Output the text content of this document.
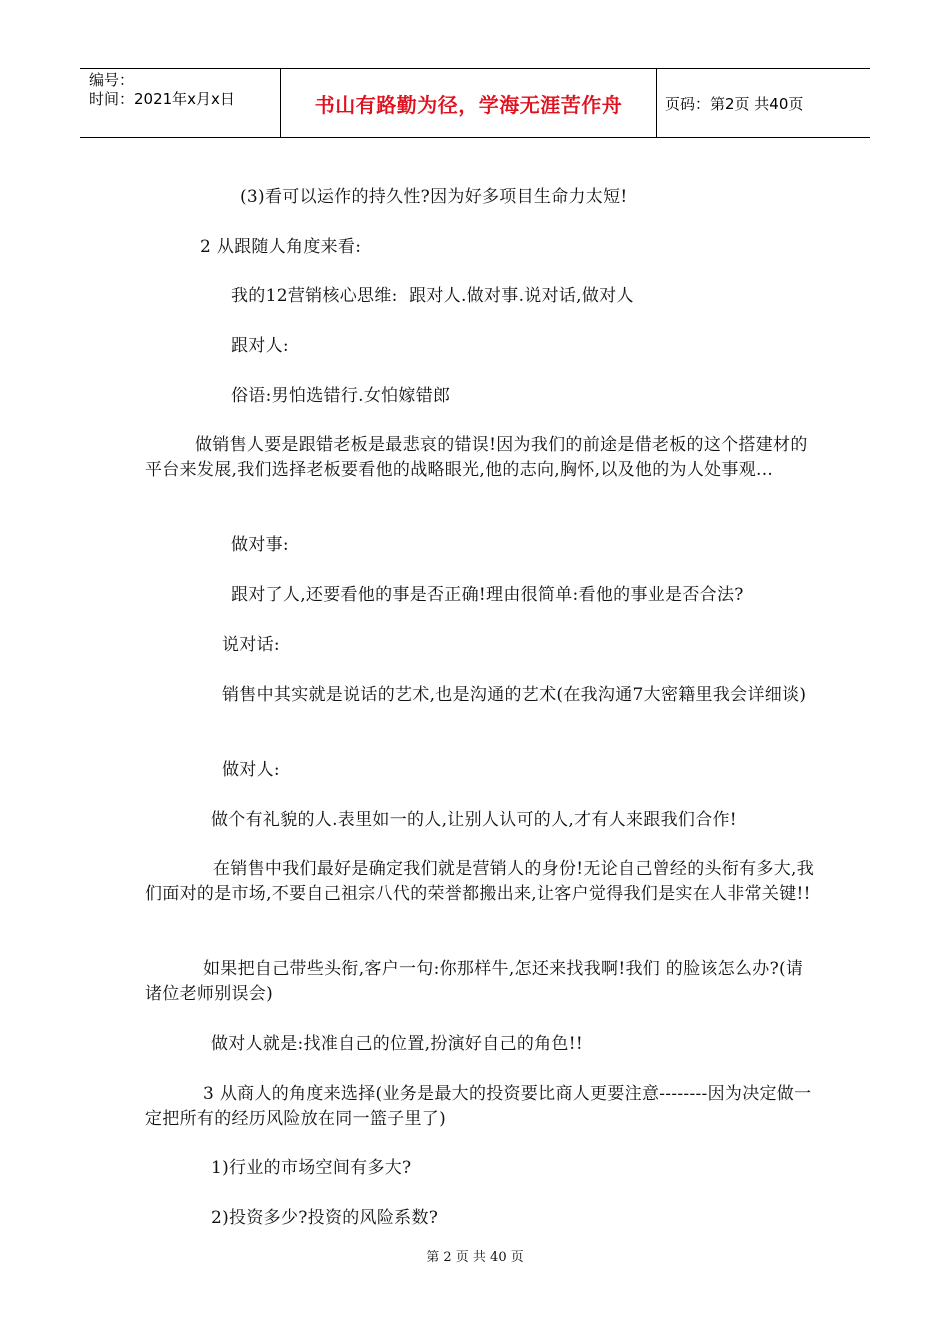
编号：
时间：2021年x月x日	书山有路勤为径，学海无涯苦作舟	页码：第2页 共40页
(3)看可以运作的持久性?因为好多项目生命力太短!
2 从跟随人角度来看:
我的12营销核心思维:  跟对人.做对事.说对话,做对人
跟对人:
俗语:男怕选错行.女怕嫁错郎
做销售人要是跟错老板是最悲哀的错误!因为我们的前途是借老板的这个搭建材的平台来发展,我们选择老板要看他的战略眼光,他的志向,胸怀,以及他的为人处事观...
做对事:
跟对了人,还要看他的事是否正确!理由很简单:看他的事业是否合法?
说对话:
销售中其实就是说话的艺术,也是沟通的艺术(在我沟通7大密籍里我会详细谈)
做对人:
做个有礼貌的人.表里如一的人,让别人认可的人,才有人来跟我们合作!
在销售中我们最好是确定我们就是营销人的身份!无论自己曾经的头衔有多大,我们面对的是市场,不要自己祖宗八代的荣誉都搬出来,让客户觉得我们是实在人非常关键!!
如果把自己带些头衔,客户一句:你那样牛,怎还来找我啊!我们 的脸该怎么办?(请诸位老师别误会)
做对人就是:找准自己的位置,扮演好自己的角色!!
3 从商人的角度来选择(业务是最大的投资要比商人更要注意--------因为决定做一定把所有的经历风险放在同一篮子里了)
1)行业的市场空间有多大?
2)投资多少?投资的风险系数?
第 2 页 共 40 页
